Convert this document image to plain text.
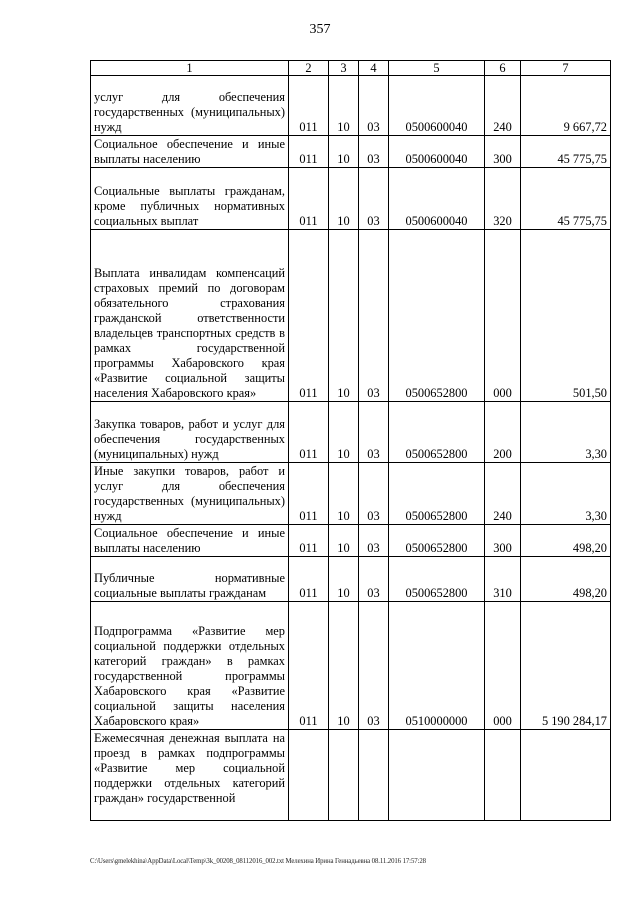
357
1	2	3	4	5	6	7
услуг для обеспечения государственных (муниципальных) нужд	011	10	03	0500600040	240	9 667,72
Социальное обеспечение и иные выплаты населению	011	10	03	0500600040	300	45 775,75
Социальные выплаты гражданам, кроме публичных нормативных социальных выплат	011	10	03	0500600040	320	45 775,75
Выплата инвалидам компенсаций страховых премий по договорам обязательного страхования гражданской ответственности владельцев транспортных средств в рамках государственной программы Хабаровского края «Развитие социальной защиты населения Хабаровского края»	011	10	03	0500652800	000	501,50
Закупка товаров, работ и услуг для обеспечения государственных (муниципальных) нужд	011	10	03	0500652800	200	3,30
Иные закупки товаров, работ и услуг для обеспечения государственных (муниципальных) нужд	011	10	03	0500652800	240	3,30
Социальное обеспечение и иные выплаты населению	011	10	03	0500652800	300	498,20
Публичные нормативные социальные выплаты гражданам	011	10	03	0500652800	310	498,20
Подпрограмма «Развитие мер социальной поддержки отдельных категорий граждан» в рамках государственной программы Хабаровского края «Развитие социальной защиты населения Хабаровского края»	011	10	03	0510000000	000	5 190 284,17
Ежемесячная денежная выплата на проезд в рамках подпрограммы «Развитие мер социальной поддержки отдельных категорий граждан» государственной						
C:\Users\gmelekhina\AppData\Local\Temp\3k_00208_08112016_002.txt Мелехина Ирина Геннадьевна 08.11.2016 17:57:28
